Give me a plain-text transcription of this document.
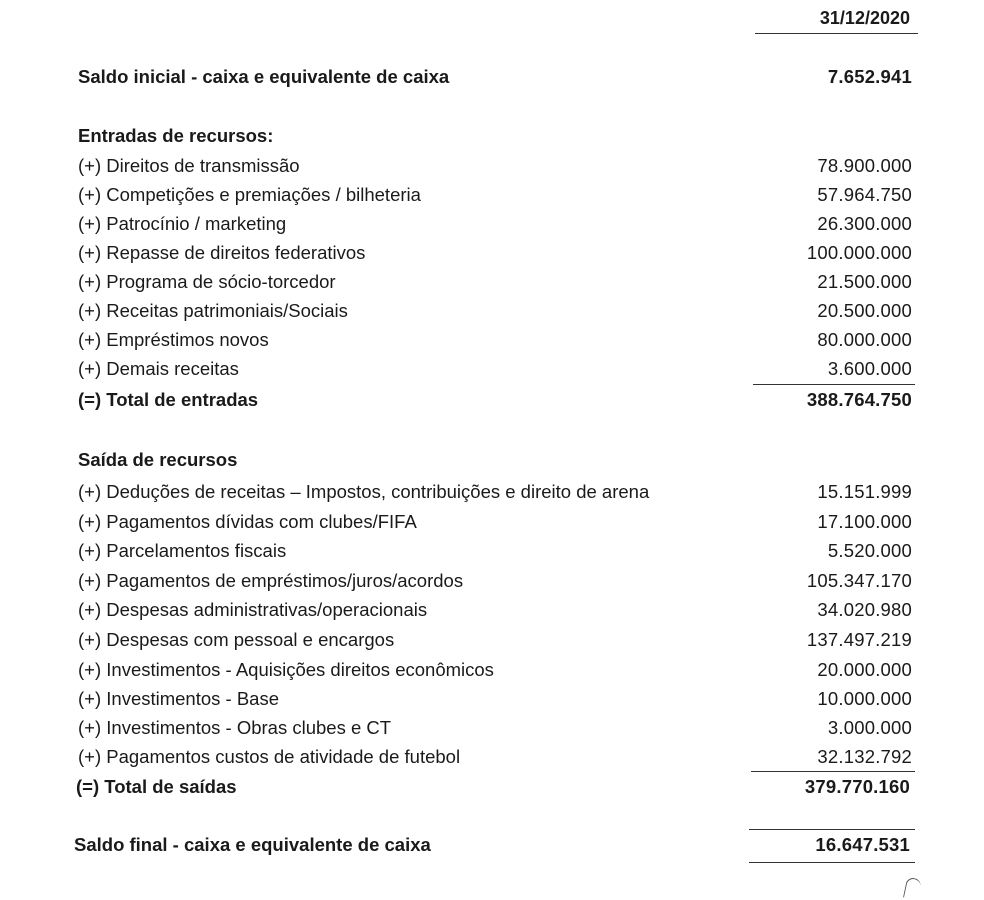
31/12/2020
Saldo inicial - caixa e equivalente de caixa	7.652.941
Entradas de recursos:
(+) Direitos de transmissão	78.900.000
(+) Competições e premiações / bilheteria	57.964.750
(+) Patrocínio / marketing	26.300.000
(+) Repasse de direitos federativos	100.000.000
(+) Programa de sócio-torcedor	21.500.000
(+) Receitas patrimoniais/Sociais	20.500.000
(+) Empréstimos novos	80.000.000
(+) Demais receitas	3.600.000
(=) Total de entradas	388.764.750
Saída de recursos
(+) Deduções de receitas – Impostos, contribuições e direito de arena	15.151.999
(+) Pagamentos dívidas com clubes/FIFA	17.100.000
(+) Parcelamentos fiscais	5.520.000
(+) Pagamentos de empréstimos/juros/acordos	105.347.170
(+) Despesas administrativas/operacionais	34.020.980
(+) Despesas com pessoal e encargos	137.497.219
(+) Investimentos - Aquisições direitos econômicos	20.000.000
(+) Investimentos - Base	10.000.000
(+) Investimentos - Obras clubes e CT	3.000.000
(+) Pagamentos custos de atividade de futebol	32.132.792
(=) Total de saídas	379.770.160
Saldo final - caixa e equivalente de caixa	16.647.531
